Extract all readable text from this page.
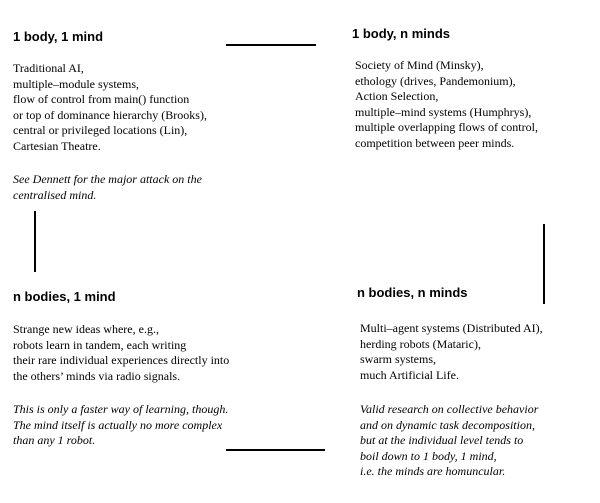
1 body, 1 mind
Traditional AI,
multiple–module systems,
flow of control from main() function
or top of dominance hierarchy (Brooks),
central or privileged locations (Lin),
Cartesian Theatre.
See Dennett for the major attack on the
centralised mind.
1 body, n minds
Society of Mind (Minsky),
ethology (drives, Pandemonium),
Action Selection,
multiple–mind systems (Humphrys),
multiple overlapping flows of control,
competition between peer minds.
n bodies, 1 mind
Strange new ideas where, e.g.,
robots learn in tandem, each writing
their rare individual experiences directly into
the others’ minds via radio signals.
This is only a faster way of learning, though.
The mind itself is actually no more complex
than any 1 robot.
n bodies, n minds
Multi–agent systems (Distributed AI),
herding robots (Mataric),
swarm systems,
much Artificial Life.
Valid research on collective behavior
and on dynamic task decomposition,
but at the individual level tends to
boil down to 1 body, 1 mind,
i.e. the minds are homuncular.
